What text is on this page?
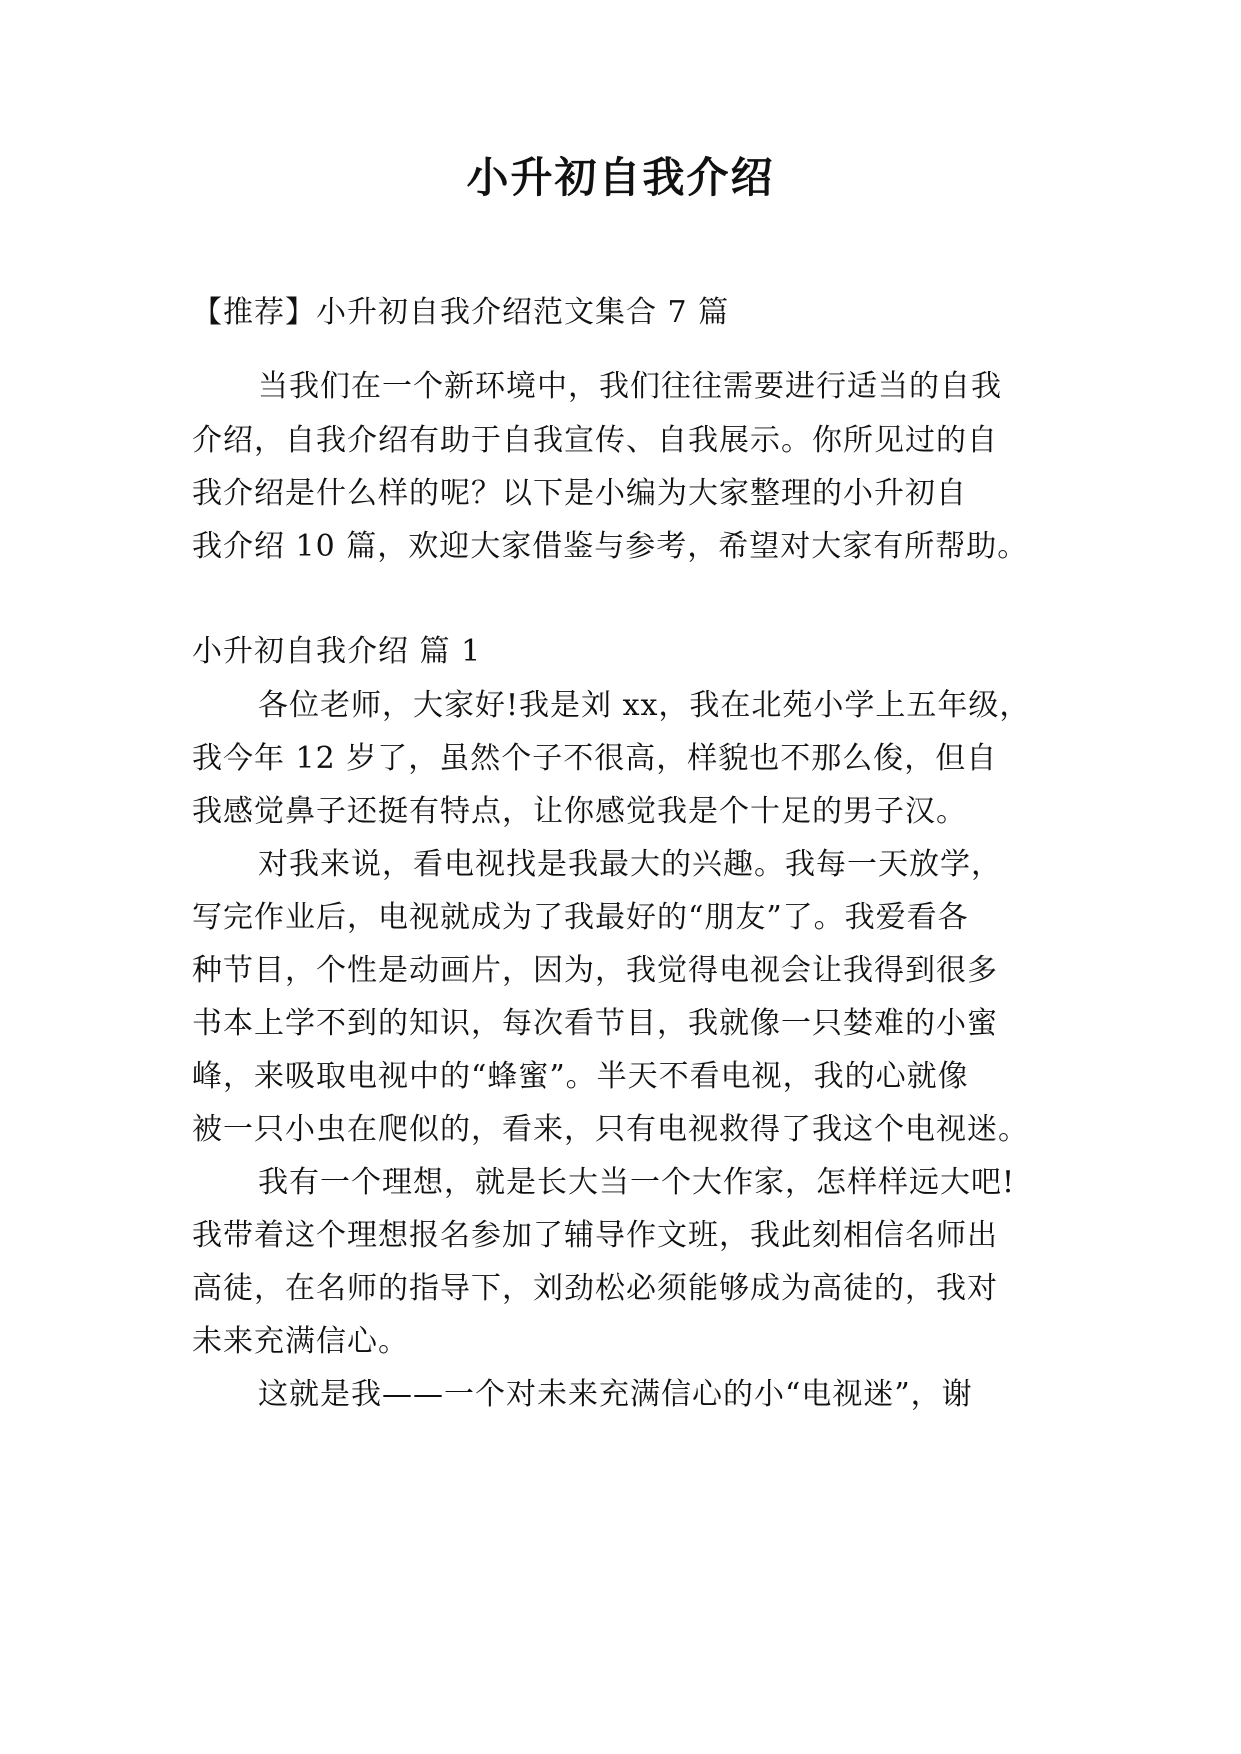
小升初自我介绍

【推荐】小升初自我介绍范文集合 7 篇

当我们在一个新环境中，我们往往需要进行适当的自我

介绍，自我介绍有助于自我宣传、自我展示。你所见过的自

我介绍是什么样的呢？以下是小编为大家整理的小升初自

我介绍 10 篇，欢迎大家借鉴与参考，希望对大家有所帮助。

小升初自我介绍 篇 1

各位老师，大家好!我是刘 xx，我在北苑小学上五年级，

我今年 12 岁了，虽然个子不很高，样貌也不那么俊，但自

我感觉鼻子还挺有特点，让你感觉我是个十足的男子汉。

对我来说，看电视找是我最大的兴趣。我每一天放学，

写完作业后，电视就成为了我最好的“朋友”了。我爱看各

种节目，个性是动画片，因为，我觉得电视会让我得到很多

书本上学不到的知识，每次看节目，我就像一只婪难的小蜜

峰，来吸取电视中的“蜂蜜”。半天不看电视，我的心就像

被一只小虫在爬似的，看来，只有电视救得了我这个电视迷。

我有一个理想，就是长大当一个大作家，怎样样远大吧!

我带着这个理想报名参加了辅导作文班，我此刻相信名师出

高徒，在名师的指导下，刘劲松必须能够成为高徒的，我对

未来充满信心。

这就是我——一个对未来充满信心的小“电视迷”，谢
